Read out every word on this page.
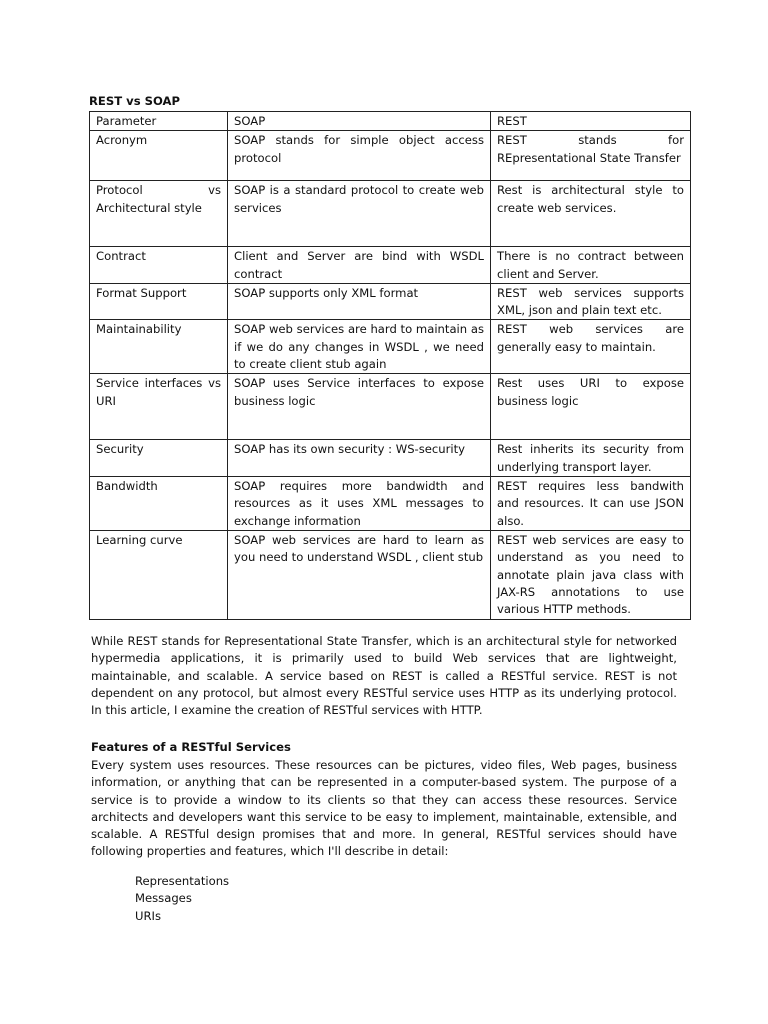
REST vs SOAP
Parameter	SOAP	REST
Acronym	SOAP stands for simple object access protocol	REST stands for REpresentational State Transfer
Protocol vs Architectural style	SOAP is a standard protocol to create web services	Rest is architectural style to create web services.
Contract	Client and Server are bind with WSDL contract	There is no contract between client and Server.
Format Support	SOAP supports only XML format	REST web services supports XML, json and plain text etc.
Maintainability	SOAP web services are hard to maintain as if we do any changes in WSDL , we need to create client stub again	REST web services are generally easy to maintain.
Service interfaces vs URI	SOAP uses Service interfaces to expose business logic	Rest uses URI to expose business logic
Security	SOAP has its own security : WS-security	Rest inherits its security from underlying transport layer.
Bandwidth	SOAP requires more bandwidth and resources as it uses XML messages to exchange information	REST requires less bandwith and resources. It can use JSON also.
Learning curve	SOAP web services are hard to learn as you need to understand WSDL , client stub	REST web services are easy to understand as you need to annotate plain java class with JAX-RS annotations to use various HTTP methods.

While REST stands for Representational State Transfer, which is an architectural style for networked hypermedia applications, it is primarily used to build Web services that are lightweight, maintainable, and scalable. A service based on REST is called a RESTful service. REST is not dependent on any protocol, but almost every RESTful service uses HTTP as its underlying protocol. In this article, I examine the creation of RESTful services with HTTP.

Features of a RESTful Services

Every system uses resources. These resources can be pictures, video files, Web pages, business information, or anything that can be represented in a computer-based system. The purpose of a service is to provide a window to its clients so that they can access these resources. Service architects and developers want this service to be easy to implement, maintainable, extensible, and scalable. A RESTful design promises that and more. In general, RESTful services should have following properties and features, which I'll describe in detail:

Representations
Messages
URIs
